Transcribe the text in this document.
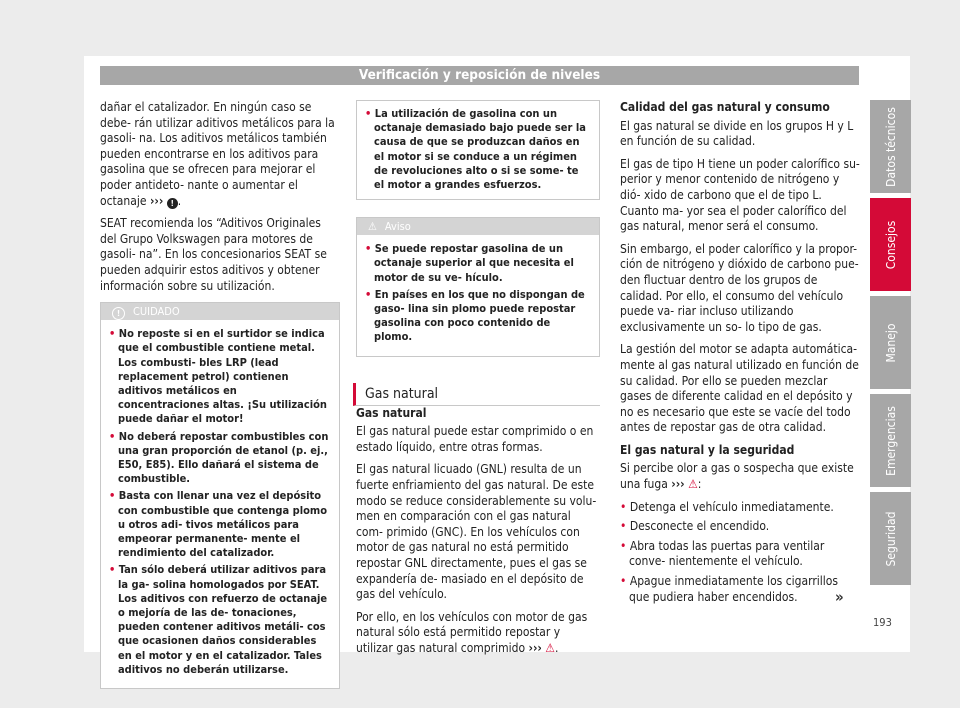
Verificación y reposición de niveles

dañar el catalizador. En ningún caso se debe- rán utilizar aditivos metálicos para la gasoli- na. Los aditivos metálicos también pueden encontrarse en los aditivos para gasolina que se ofrecen para mejorar el poder antideto- nante o aumentar el octanaje ››› ! .

SEAT recomienda los “Aditivos Originales del Grupo Volkswagen para motores de gasoli- na”. En los concesionarios SEAT se pueden adquirir estos aditivos y obtener información sobre su utilización.

! CUIDADO

• No reposte si en el surtidor se indica que el combustible contiene metal. Los combusti- bles LRP (lead replacement petrol) contienen aditivos metálicos en concentraciones altas. ¡Su utilización puede dañar el motor!

• No deberá repostar combustibles con una gran proporción de etanol (p. ej., E50, E85). Ello dañará el sistema de combustible.

• Basta con llenar una vez el depósito con combustible que contenga plomo u otros adi- tivos metálicos para empeorar permanente- mente el rendimiento del catalizador.

• Tan sólo deberá utilizar aditivos para la ga- solina homologados por SEAT. Los aditivos con refuerzo de octanaje o mejoría de las de- tonaciones, pueden contener aditivos metáli- cos que ocasionen daños considerables en el motor y en el catalizador. Tales aditivos no deberán utilizarse.

• La utilización de gasolina con un octanaje demasiado bajo puede ser la causa de que se produzcan daños en el motor si se conduce a un régimen de revoluciones alto o si se some- te el motor a grandes esfuerzos.
⚠ Aviso

• Se puede repostar gasolina de un octanaje superior al que necesita el motor de su ve- hículo.

• En países en los que no dispongan de gaso- lina sin plomo puede repostar gasolina con poco contenido de plomo.

Gas natural

Gas natural

El gas natural puede estar comprimido o en estado líquido, entre otras formas.

El gas natural licuado (GNL) resulta de un fuerte enfriamiento del gas natural. De este modo se reduce considerablemente su volu- men en comparación con el gas natural com- primido (GNC). En los vehículos con motor de gas natural no está permitido repostar GNL directamente, pues el gas se expandería de- masiado en el depósito de gas del vehículo.

Por ello, en los vehículos con motor de gas natural sólo está permitido repostar y utilizar gas natural comprimido ››› ⚠.

Calidad del gas natural y consumo

El gas natural se divide en los grupos H y L en función de su calidad.

El gas de tipo H tiene un poder calorífico su- perior y menor contenido de nitrógeno y dió- xido de carbono que el de tipo L. Cuanto ma- yor sea el poder calorífico del gas natural, menor será el consumo.

Sin embargo, el poder calorífico y la propor- ción de nitrógeno y dióxido de carbono pue- den fluctuar dentro de los grupos de calidad. Por ello, el consumo del vehículo puede va- riar incluso utilizando exclusivamente un so- lo tipo de gas.

La gestión del motor se adapta automática- mente al gas natural utilizado en función de su calidad. Por ello se pueden mezclar gases de diferente calidad en el depósito y no es necesario que este se vacíe del todo antes de repostar gas de otra calidad.

El gas natural y la seguridad

Si percibe olor a gas o sospecha que existe una fuga ››› ⚠:

• Detenga el vehículo inmediatamente.

• Desconecte el encendido.

• Abra todas las puertas para ventilar conve- nientemente el vehículo.

• Apague inmediatamente los cigarrillos que pudiera haber encendidos.

Datos técnicos
Consejos
Manejo
Emergencias
Seguridad
»
193
